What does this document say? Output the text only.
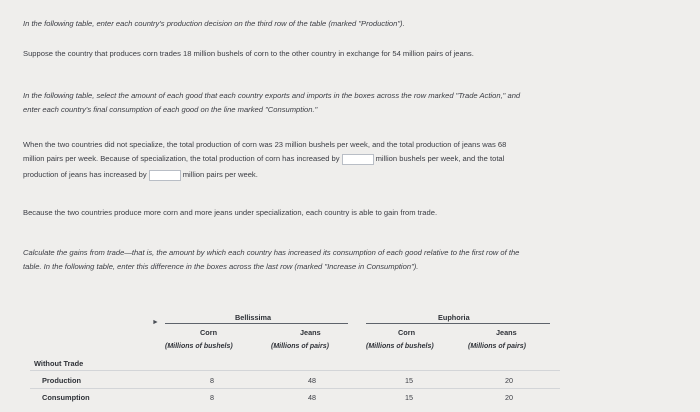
In the following table, enter each country's production decision on the third row of the table (marked "Production").
Suppose the country that produces corn trades 18 million bushels of corn to the other country in exchange for 54 million pairs of jeans.
In the following table, select the amount of each good that each country exports and imports in the boxes across the row marked "Trade Action," and
enter each country's final consumption of each good on the line marked "Consumption."
When the two countries did not specialize, the total production of corn was 23 million bushels per week, and the total production of jeans was 68
million pairs per week. Because of specialization, the total production of corn has increased by	million bushels per week, and the total
production of jeans has increased by	million pairs per week.
Because the two countries produce more corn and more jeans under specialization, each country is able to gain from trade.
Calculate the gains from trade—that is, the amount by which each country has increased its consumption of each good relative to the first row of the
table. In the following table, enter this difference in the boxes across the last row (marked "Increase in Consumption").
Bellissima	Euphoria
►
Corn	Jeans	Corn	Jeans
(Millions of bushels)	(Millions of pairs)	(Millions of bushels)	(Millions of pairs)
Without Trade
Production	8	48	15	20
Consumption	8	48	15	20
